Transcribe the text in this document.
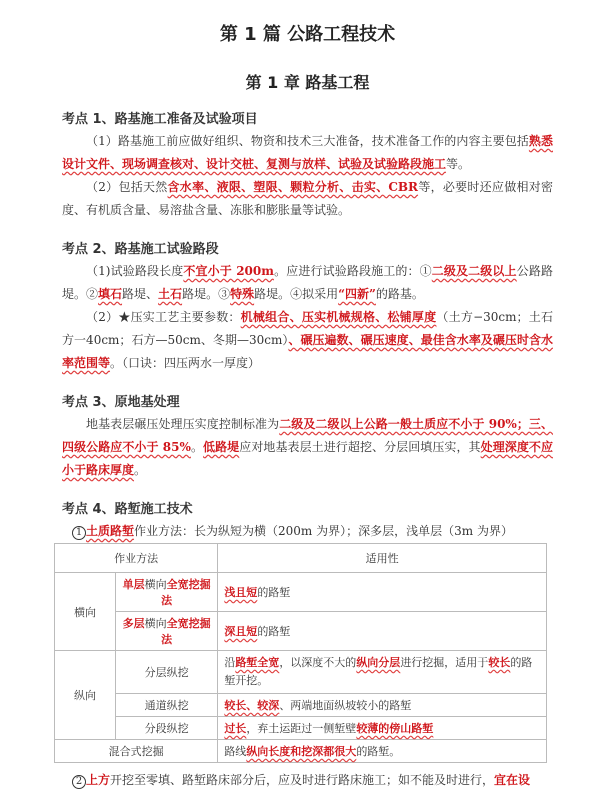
第 1 篇 公路工程技术
第 1 章 路基工程
考点 1、路基施工准备及试验项目

（1）路基施工前应做好组织、物资和技术三大准备，技术准备工作的内容主要包括熟悉设计文件、现场调查核对、设计交桩、复测与放样、试验及试验路段施工等。

（2）包括天然含水率、液限、塑限、颗粒分析、击实、CBR等，必要时还应做相对密度、有机质含量、易溶盐含量、冻胀和膨胀量等试验。

考点 2、路基施工试验路段

（1)试验路段长度不宜小于 200m。应进行试验路段施工的：①二级及二级以上公路路堤。②填石路堤、土石路堤。③特殊路堤。④拟采用“四新”的路基。

（2）★压实工艺主要参数：机械组合、压实机械规格、松铺厚度（土方−30cm；土石方一40cm；石方—50cm、冬期—30cm）、碾压遍数、碾压速度、最佳含水率及碾压时含水率范围等。（口诀：四压两水一厚度）

考点 3、原地基处理

地基表层碾压处理压实度控制标准为二级及二级以上公路一般土质应不小于 90%；三、四级公路应不小于 85%。低路堤应对地基表层土进行超挖、分层回填压实，其处理深度不应小于路床厚度。

考点 4、路堑施工技术

1 土质路堑作业方法：长为纵短为横（200m 为界）；深多层，浅单层（3m 为界）

作业方法		适用性
横向	单层横向全宽挖掘法	浅且短的路堑
	多层横向全宽挖掘法	深且短的路堑
纵向	分层纵挖	沿路堑全宽，以深度不大的纵向分层进行挖掘，适用于较长的路堑开挖。
	通道纵挖	较长、较深、两端地面纵坡较小的路堑
	分段纵挖	过长，弃土运距过一侧堑壁较薄的傍山路堑
混合式挖掘		路线纵向长度和挖深都很大的路堑。

2 上方开挖至零填、路堑路床部分后，应及时进行路床施工；如不能及时进行，宜在设
